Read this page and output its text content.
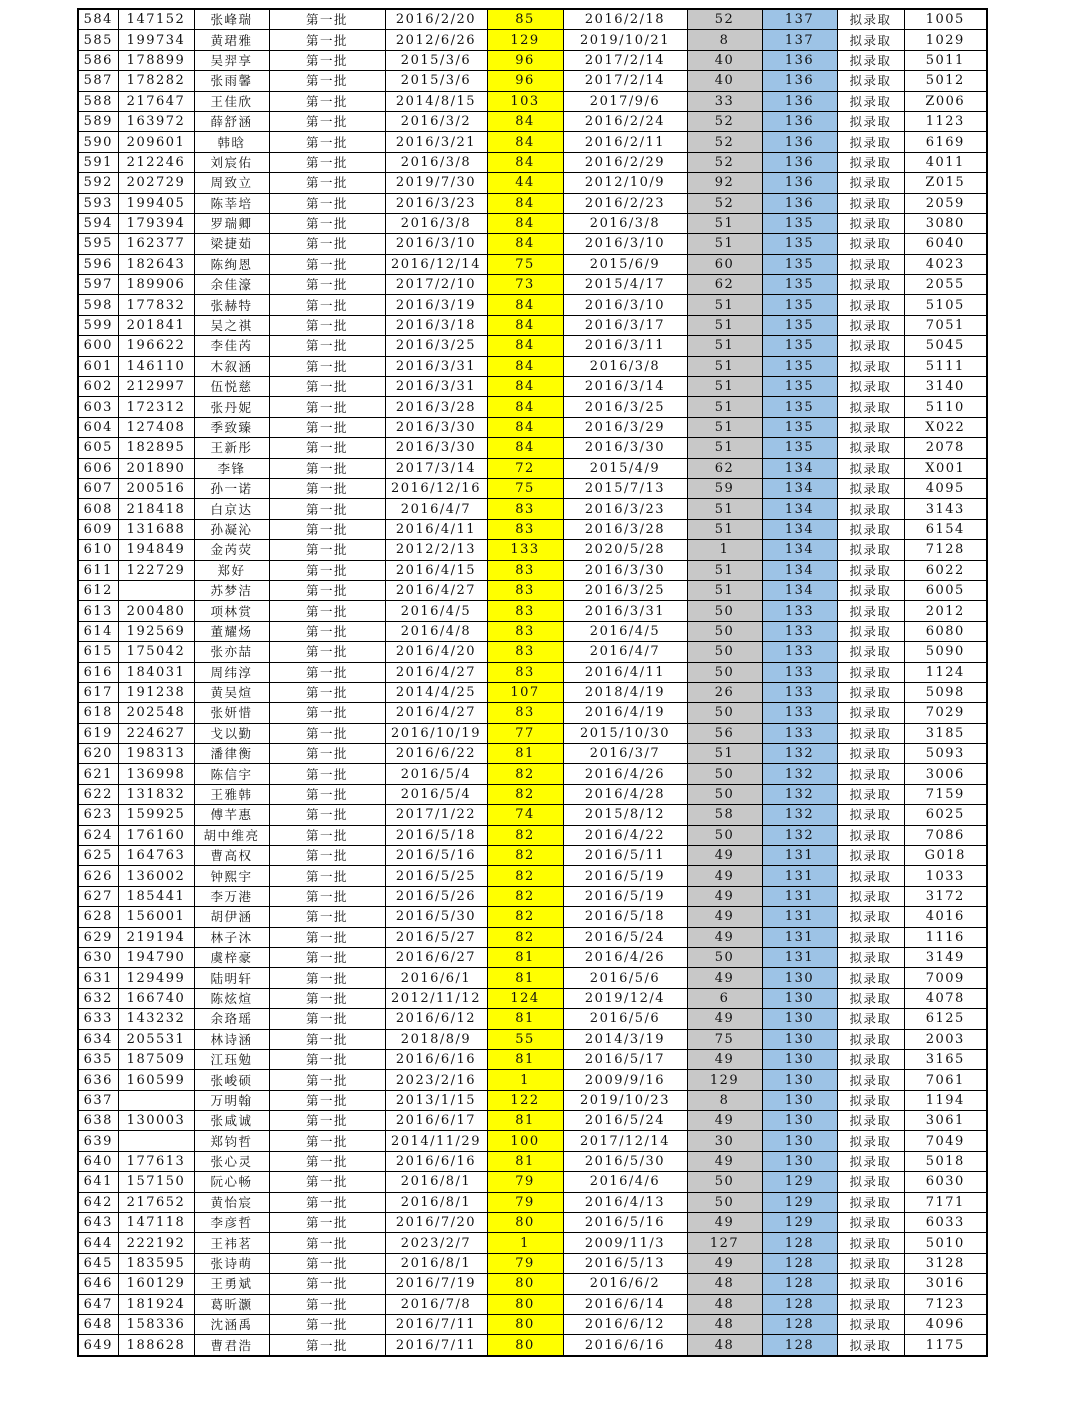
584	147152	张峰瑞	第一批	2016/2/20	85	2016/2/18	52	137	拟录取	1005
585	199734	黄珺雅	第一批	2012/6/26	129	2019/10/21	8	137	拟录取	1029
586	178899	吴羿享	第一批	2015/3/6	96	2017/2/14	40	136	拟录取	5011
587	178282	张雨馨	第一批	2015/3/6	96	2017/2/14	40	136	拟录取	5012
588	217647	王佳欣	第一批	2014/8/15	103	2017/9/6	33	136	拟录取	Z006
589	163972	薛舒涵	第一批	2016/3/2	84	2016/2/24	52	136	拟录取	1123
590	209601	韩晗	第一批	2016/3/21	84	2016/2/11	52	136	拟录取	6169
591	212246	刘宸佑	第一批	2016/3/8	84	2016/2/29	52	136	拟录取	4011
592	202729	周致立	第一批	2019/7/30	44	2012/10/9	92	136	拟录取	Z015
593	199405	陈莘培	第一批	2016/3/23	84	2016/2/23	52	136	拟录取	2059
594	179394	罗瑞卿	第一批	2016/3/8	84	2016/3/8	51	135	拟录取	3080
595	162377	梁捷茹	第一批	2016/3/10	84	2016/3/10	51	135	拟录取	6040
596	182643	陈绚恩	第一批	2016/12/14	75	2015/6/9	60	135	拟录取	4023
597	189906	余佳濠	第一批	2017/2/10	73	2015/4/17	62	135	拟录取	2055
598	177832	张赫特	第一批	2016/3/19	84	2016/3/10	51	135	拟录取	5105
599	201841	吴之祺	第一批	2016/3/18	84	2016/3/17	51	135	拟录取	7051
600	196622	李佳芮	第一批	2016/3/25	84	2016/3/11	51	135	拟录取	5045
601	146110	木叙涵	第一批	2016/3/31	84	2016/3/8	51	135	拟录取	5111
602	212997	伍悦慈	第一批	2016/3/31	84	2016/3/14	51	135	拟录取	3140
603	172312	张丹妮	第一批	2016/3/28	84	2016/3/25	51	135	拟录取	5110
604	127408	季致臻	第一批	2016/3/30	84	2016/3/29	51	135	拟录取	X022
605	182895	王新彤	第一批	2016/3/30	84	2016/3/30	51	135	拟录取	2078
606	201890	李锋	第一批	2017/3/14	72	2015/4/9	62	134	拟录取	X001
607	200516	孙一诺	第一批	2016/12/16	75	2015/7/13	59	134	拟录取	4095
608	218418	白京达	第一批	2016/4/7	83	2016/3/23	51	134	拟录取	3143
609	131688	孙凝沁	第一批	2016/4/11	83	2016/3/28	51	134	拟录取	6154
610	194849	金芮荧	第一批	2012/2/13	133	2020/5/28	1	134	拟录取	7128
611	122729	郑好	第一批	2016/4/15	83	2016/3/30	51	134	拟录取	6022
612		苏梦洁	第一批	2016/4/27	83	2016/3/25	51	134	拟录取	6005
613	200480	项林赏	第一批	2016/4/5	83	2016/3/31	50	133	拟录取	2012
614	192569	董耀炀	第一批	2016/4/8	83	2016/4/5	50	133	拟录取	6080
615	175042	张亦喆	第一批	2016/4/20	83	2016/4/7	50	133	拟录取	5090
616	184031	周纬淳	第一批	2016/4/27	83	2016/4/11	50	133	拟录取	1124
617	191238	黄吴煊	第一批	2014/4/25	107	2018/4/19	26	133	拟录取	5098
618	202548	张妍惜	第一批	2016/4/27	83	2016/4/19	50	133	拟录取	7029
619	224627	戈以勤	第一批	2016/10/19	77	2015/10/30	56	133	拟录取	3185
620	198313	潘律衡	第一批	2016/6/22	81	2016/3/7	51	132	拟录取	5093
621	136998	陈信宇	第一批	2016/5/4	82	2016/4/26	50	132	拟录取	3006
622	131832	王雅韩	第一批	2016/5/4	82	2016/4/28	50	132	拟录取	7159
623	159925	傅芊惠	第一批	2017/1/22	74	2015/8/12	58	132	拟录取	6025
624	176160	胡中维亮	第一批	2016/5/18	82	2016/4/22	50	132	拟录取	7086
625	164763	曹高权	第一批	2016/5/16	82	2016/5/11	49	131	拟录取	G018
626	136002	钟熙宇	第一批	2016/5/25	82	2016/5/19	49	131	拟录取	1033
627	185441	李万港	第一批	2016/5/26	82	2016/5/19	49	131	拟录取	3172
628	156001	胡伊涵	第一批	2016/5/30	82	2016/5/18	49	131	拟录取	4016
629	219194	林子沐	第一批	2016/5/27	82	2016/5/24	49	131	拟录取	1116
630	194790	虞梓豪	第一批	2016/6/27	81	2016/4/26	50	131	拟录取	3149
631	129499	陆明轩	第一批	2016/6/1	81	2016/5/6	49	130	拟录取	7009
632	166740	陈炫煊	第一批	2012/11/12	124	2019/12/4	6	130	拟录取	4078
633	143232	余珞瑶	第一批	2016/6/12	81	2016/5/6	49	130	拟录取	6125
634	205531	林诗涵	第一批	2018/8/9	55	2014/3/19	75	130	拟录取	2003
635	187509	江珏勉	第一批	2016/6/16	81	2016/5/17	49	130	拟录取	3165
636	160599	张峻硕	第一批	2023/2/16	1	2009/9/16	129	130	拟录取	7061
637		万明翰	第一批	2013/1/15	122	2019/10/23	8	130	拟录取	1194
638	130003	张咸诚	第一批	2016/6/17	81	2016/5/24	49	130	拟录取	3061
639		郑钧哲	第一批	2014/11/29	100	2017/12/14	30	130	拟录取	7049
640	177613	张心灵	第一批	2016/6/16	81	2016/5/30	49	130	拟录取	5018
641	157150	阮心畅	第一批	2016/8/1	79	2016/4/6	50	129	拟录取	6030
642	217652	黄怡宸	第一批	2016/8/1	79	2016/4/13	50	129	拟录取	7171
643	147118	李彦哲	第一批	2016/7/20	80	2016/5/16	49	129	拟录取	6033
644	222192	王祎茗	第一批	2023/2/7	1	2009/11/3	127	128	拟录取	5010
645	183595	张诗萌	第一批	2016/8/1	79	2016/5/13	49	128	拟录取	3128
646	160129	王勇斌	第一批	2016/7/19	80	2016/6/2	48	128	拟录取	3016
647	181924	葛昕灏	第一批	2016/7/8	80	2016/6/14	48	128	拟录取	7123
648	158336	沈涵禹	第一批	2016/7/11	80	2016/6/12	48	128	拟录取	4096
649	188628	曹君浩	第一批	2016/7/11	80	2016/6/16	48	128	拟录取	1175
